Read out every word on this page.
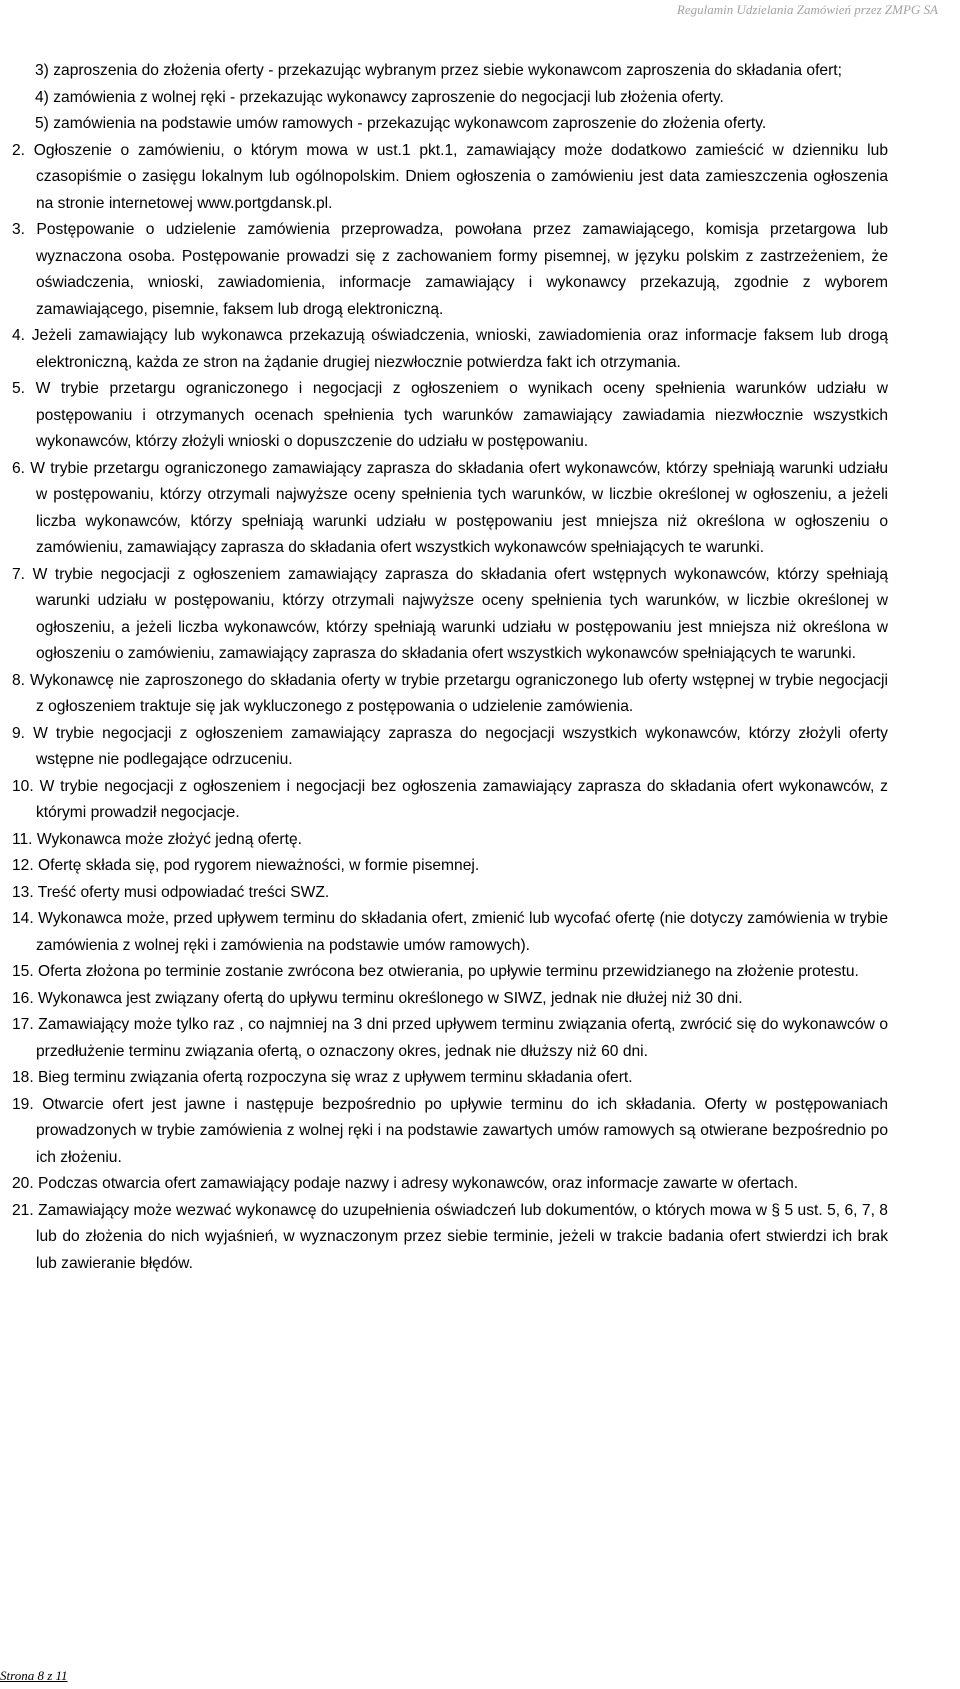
Regulamin Udzielania Zamówień przez ZMPG SA

3) zaproszenia do złożenia oferty - przekazując wybranym przez siebie wykonawcom zaproszenia do składania ofert;

4) zamówienia z wolnej ręki - przekazując wykonawcy zaproszenie do negocjacji lub złożenia oferty.

5) zamówienia na podstawie umów ramowych - przekazując wykonawcom zaproszenie do złożenia oferty.

2. Ogłoszenie o zamówieniu, o którym mowa w ust.1 pkt.1, zamawiający może dodatkowo zamieścić w dzienniku lub czasopiśmie o zasięgu lokalnym lub ogólnopolskim. Dniem ogłoszenia o zamówieniu jest data zamieszczenia ogłoszenia na stronie internetowej www.portgdansk.pl.

3. Postępowanie o udzielenie zamówienia przeprowadza, powołana przez zamawiającego, komisja przetargowa lub wyznaczona osoba. Postępowanie prowadzi się z zachowaniem formy pisemnej, w języku polskim z zastrzeżeniem, że oświadczenia, wnioski, zawiadomienia, informacje zamawiający i wykonawcy przekazują, zgodnie z wyborem zamawiającego, pisemnie, faksem lub drogą elektroniczną.

4. Jeżeli zamawiający lub wykonawca przekazują oświadczenia, wnioski, zawiadomienia oraz informacje faksem lub drogą elektroniczną, każda ze stron na żądanie drugiej niezwłocznie potwierdza fakt ich otrzymania.

5. W trybie przetargu ograniczonego i negocjacji z ogłoszeniem o wynikach oceny spełnienia warunków udziału w postępowaniu i otrzymanych ocenach spełnienia tych warunków zamawiający zawiadamia niezwłocznie wszystkich wykonawców, którzy złożyli wnioski o dopuszczenie do udziału w postępowaniu.

6. W trybie przetargu ograniczonego zamawiający zaprasza do składania ofert wykonawców, którzy spełniają warunki udziału w postępowaniu, którzy otrzymali najwyższe oceny spełnienia tych warunków, w liczbie określonej w ogłoszeniu, a jeżeli liczba wykonawców, którzy spełniają warunki udziału w postępowaniu jest mniejsza niż określona w ogłoszeniu o zamówieniu, zamawiający zaprasza do składania ofert wszystkich wykonawców spełniających te warunki.

7. W trybie negocjacji z ogłoszeniem zamawiający zaprasza do składania ofert wstępnych wykonawców, którzy spełniają warunki udziału w postępowaniu, którzy otrzymali najwyższe oceny spełnienia tych warunków, w liczbie określonej w ogłoszeniu, a jeżeli liczba wykonawców, którzy spełniają warunki udziału w postępowaniu jest mniejsza niż określona w ogłoszeniu o zamówieniu, zamawiający zaprasza do składania ofert wszystkich wykonawców spełniających te warunki.

8. Wykonawcę nie zaproszonego do składania oferty w trybie przetargu ograniczonego lub oferty wstępnej w trybie negocjacji z ogłoszeniem traktuje się jak wykluczonego z postępowania o udzielenie zamówienia.

9. W trybie negocjacji z ogłoszeniem zamawiający zaprasza do negocjacji wszystkich wykonawców, którzy złożyli oferty wstępne nie podlegające odrzuceniu.

10. W trybie negocjacji z ogłoszeniem i negocjacji bez ogłoszenia zamawiający zaprasza do składania ofert wykonawców, z którymi prowadził negocjacje.

11. Wykonawca może złożyć jedną ofertę.

12. Ofertę składa się, pod rygorem nieważności, w formie pisemnej.

13. Treść oferty musi odpowiadać treści SWZ.

14. Wykonawca może, przed upływem terminu do składania ofert, zmienić lub wycofać ofertę (nie dotyczy zamówienia w trybie zamówienia z wolnej ręki i zamówienia na podstawie umów ramowych).

15. Oferta złożona po terminie zostanie zwrócona bez otwierania, po upływie terminu przewidzianego na złożenie protestu.

16. Wykonawca jest związany ofertą do upływu terminu określonego w SIWZ, jednak nie dłużej niż 30 dni.

17. Zamawiający może tylko raz , co najmniej na 3 dni przed upływem terminu związania ofertą, zwrócić się do wykonawców o przedłużenie terminu związania ofertą, o oznaczony okres, jednak nie dłuższy niż 60 dni.

18. Bieg terminu związania ofertą rozpoczyna się wraz z upływem terminu składania ofert.

19. Otwarcie ofert jest jawne i następuje bezpośrednio po upływie terminu do ich składania. Oferty w postępowaniach prowadzonych w trybie zamówienia z wolnej ręki i na podstawie zawartych umów ramowych są otwierane bezpośrednio po ich złożeniu.

20. Podczas otwarcia ofert zamawiający podaje nazwy i adresy wykonawców, oraz informacje zawarte w ofertach.

21. Zamawiający może wezwać wykonawcę do uzupełnienia oświadczeń lub dokumentów, o których mowa w § 5 ust. 5, 6, 7, 8 lub do złożenia do nich wyjaśnień, w wyznaczonym przez siebie terminie, jeżeli w trakcie badania ofert stwierdzi ich brak lub zawieranie błędów.

Strona 8 z 11
